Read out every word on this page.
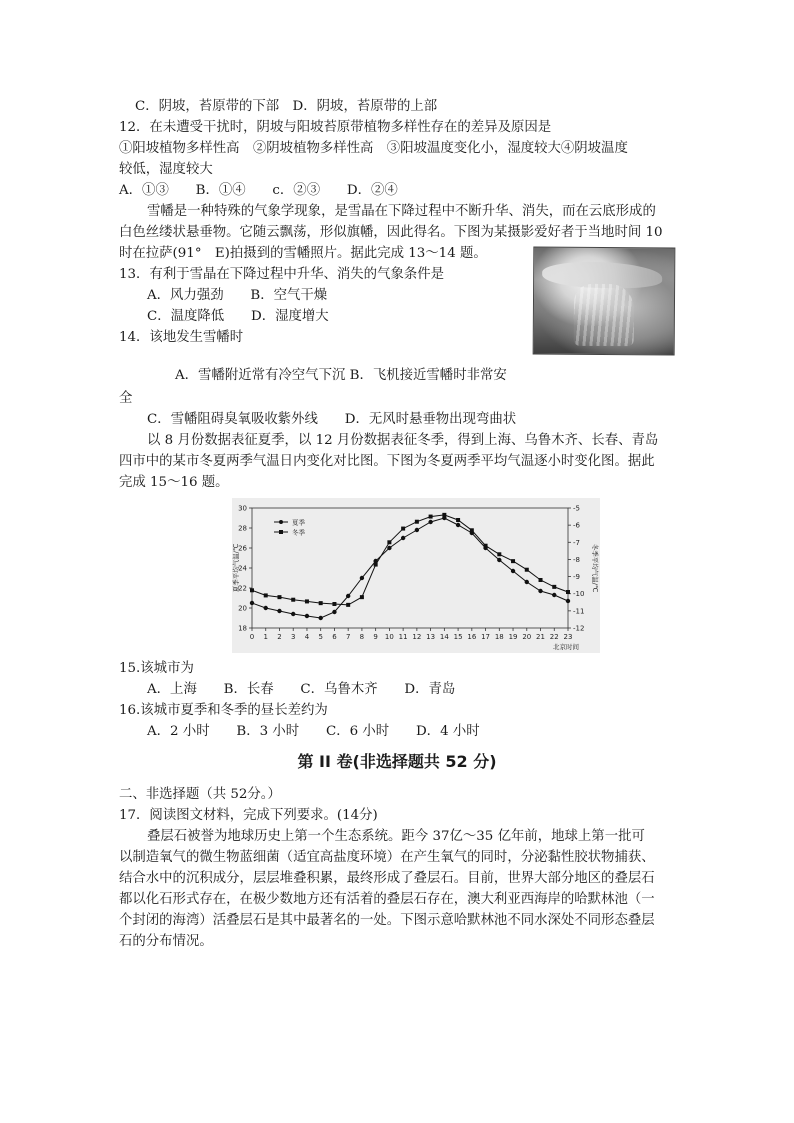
C．阴坡，苔原带的下部　D．阴坡，苔原带的上部
12．在未遭受干扰时，阴坡与阳坡苔原带植物多样性存在的差异及原因是
①阳坡植物多样性高　②阴坡植物多样性高　③阳坡温度变化小，湿度较大④阴坡温度
较低，湿度较大
A．①③　　B．①④　　c．②③　　D．②④
雪幡是一种特殊的气象学现象，是雪晶在下降过程中不断升华、消失，而在云底形成的
白色丝缕状悬垂物。它随云飘荡，形似旗幡，因此得名。下图为某摄影爱好者于当地时间 10
时在拉萨(91°　E)拍摄到的雪幡照片。据此完成 13～14 题。
13．有利于雪晶在下降过程中升华、消失的气象条件是
A．风力强劲　　B．空气干燥
C．温度降低　　D．湿度增大
14．该地发生雪幡时
A．雪幡附近常有冷空气下沉 B．飞机接近雪幡时非常安
全
C．雪幡阻碍臭氧吸收紫外线　　D．无风时悬垂物出现弯曲状
以 8 月份数据表征夏季，以 12 月份数据表征冬季，得到上海、乌鲁木齐、长春、青岛
四市中的某市冬夏两季气温日内变化对比图。下图为冬夏两季平均气温逐小时变化图。据此
完成 15～16 题。
18
20
22
24
26
28
30
-12
-11
-10
-9
-8
-7
-6
-5
0 1 2 3 4 5 6 7 8 9 10 11 12 13 14 15 16 17 18 19 20 21 22 23
北京时间
夏季平均气温/℃	冬季平均气温/℃
夏季
冬季
15.该城市为
A．上海　　B．长春　　C．乌鲁木齐　　D．青岛
16.该城市夏季和冬季的昼长差约为
A．2 小时　　B．3 小时　　C．6 小时　　D．4 小时
第 II 卷(非选择题共 52 分)
二、非选择题（共 52分。）
17．阅读图文材料，完成下列要求。(14分)
叠层石被誉为地球历史上第一个生态系统。距今 37亿～35 亿年前，地球上第一批可
以制造氧气的微生物蓝细菌（适宜高盐度环境）在产生氧气的同时，分泌黏性胶状物捕获、
结合水中的沉积成分，层层堆叠积累，最终形成了叠层石。目前，世界大部分地区的叠层石
都以化石形式存在，在极少数地方还有活着的叠层石存在，澳大利亚西海岸的哈默林池（一
个封闭的海湾）活叠层石是其中最著名的一处。下图示意哈默林池不同水深处不同形态叠层
石的分布情况。
